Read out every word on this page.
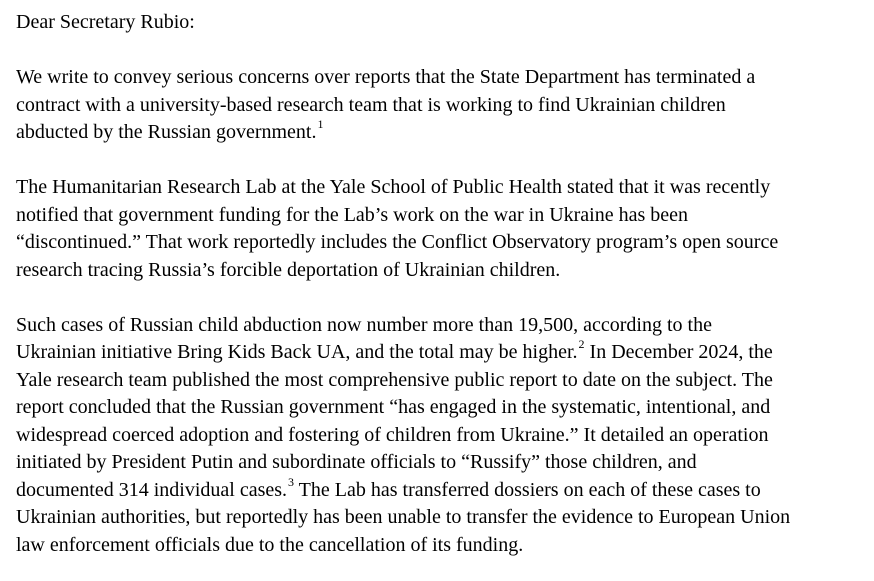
Dear Secretary Rubio:
We write to convey serious concerns over reports that the State Department has terminated a
contract with a university-based research team that is working to find Ukrainian children
abducted by the Russian government.$^1$
The Humanitarian Research Lab at the Yale School of Public Health stated that it was recently
notified that government funding for the Lab’s work on the war in Ukraine has been
“discontinued.” That work reportedly includes the Conflict Observatory program’s open source
research tracing Russia’s forcible deportation of Ukrainian children.
Such cases of Russian child abduction now number more than 19,500, according to the
Ukrainian initiative Bring Kids Back UA, and the total may be higher.$^2$ In December 2024, the
Yale research team published the most comprehensive public report to date on the subject. The
report concluded that the Russian government “has engaged in the systematic, intentional, and
widespread coerced adoption and fostering of children from Ukraine.” It detailed an operation
initiated by President Putin and subordinate officials to “Russify” those children, and
documented 314 individual cases.$^3$ The Lab has transferred dossiers on each of these cases to
Ukrainian authorities, but reportedly has been unable to transfer the evidence to European Union
law enforcement officials due to the cancellation of its funding.
